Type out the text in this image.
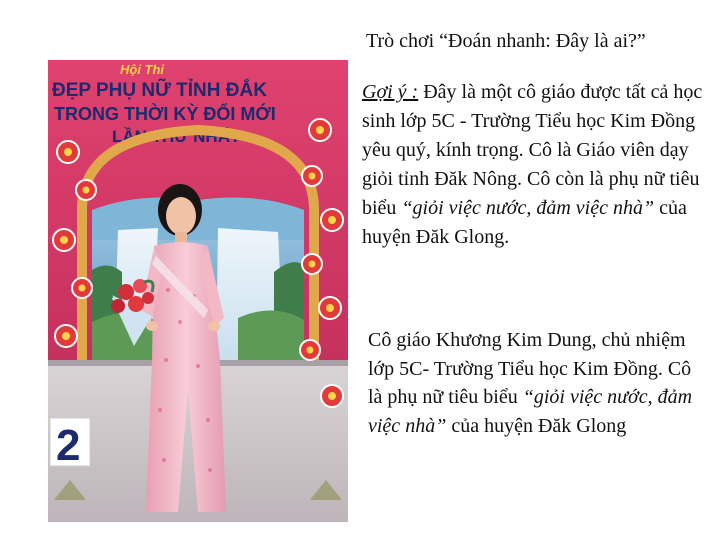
Trò chơi “Đoán nhanh: Đây là ai?”
Gợi ý : Đây là một cô giáo được tất cả học sinh lớp 5C - Trường Tiểu học Kim Đồng yêu quý, kính trọng. Cô là Giáo viên dạy giỏi tỉnh Đăk Nông. Cô còn là phụ nữ tiêu biểu “giỏi việc nước, đảm việc nhà” của huyện Đăk Glong.
Cô giáo Khương Kim Dung, chủ nhiệm lớp 5C- Trường Tiểu học Kim Đồng. Cô là phụ nữ tiêu biểu “giỏi việc nước, đảm việc nhà” của huyện Đăk Glong
Hội Thi
ĐẸP PHỤ NỮ TỈNH ĐẮK
TRONG THỜI KỲ ĐỔI MỚI
LẦN THỨ NHẤT
2
